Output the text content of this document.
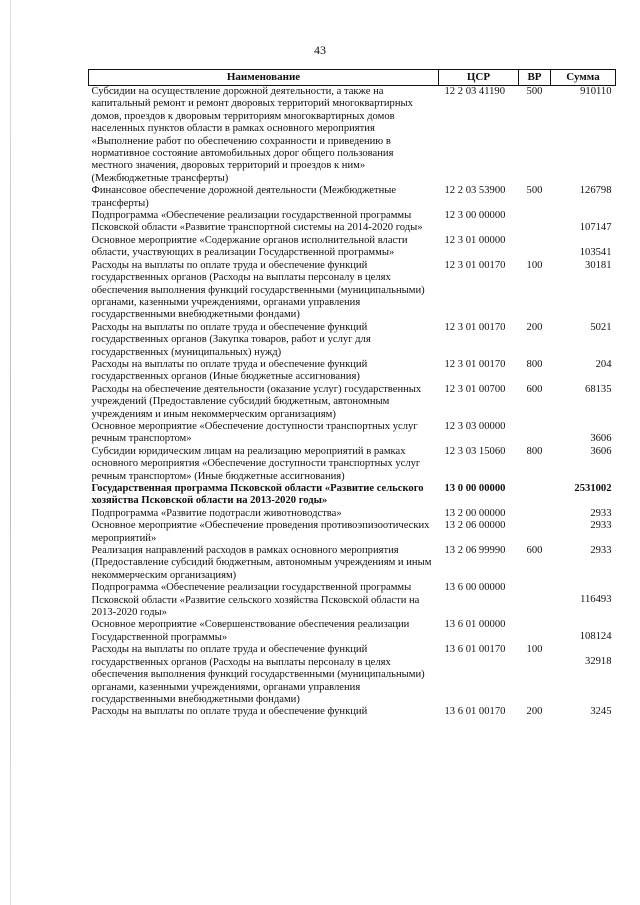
43
Наименование	ЦСР	ВР	Сумма
Субсидии на осуществление дорожной деятельности, а также на капитальный ремонт и ремонт дворовых территорий многоквартирных домов, проездов к дворовым территориям многоквартирных домов населенных пунктов области в рамках основного мероприятия «Выполнение работ по обеспечению сохранности и приведению в нормативное состояние автомобильных дорог общего пользования местного значения, дворовых территорий и проездов к ним» (Межбюджетные трансферты)	12 2 03 41190	500	910110
Финансовое обеспечение дорожной деятельности (Межбюджетные трансферты)	12 2 03 53900	500	126798
Подпрограмма «Обеспечение реализации государственной программы Псковской области «Развитие транспортной системы на 2014-2020 годы»	12 3 00 00000		107147
Основное мероприятие «Содержание органов исполнительной власти области, участвующих в реализации Государственной программы»	12 3 01 00000		103541
Расходы на выплаты по оплате труда и обеспечение функций государственных органов (Расходы на выплаты персоналу в целях обеспечения выполнения функций государственными (муниципальными) органами, казенными учреждениями, органами управления государственными внебюджетными фондами)	12 3 01 00170	100	30181
Расходы на выплаты по оплате труда и обеспечение функций государственных органов (Закупка товаров, работ и услуг для государственных (муниципальных) нужд)	12 3 01 00170	200	5021
Расходы на выплаты по оплате труда и обеспечение функций государственных органов (Иные бюджетные ассигнования)	12 3 01 00170	800	204
Расходы на обеспечение деятельности (оказание услуг) государственных учреждений (Предоставление субсидий бюджетным, автономным учреждениям и иным некоммерческим организациям)	12 3 01 00700	600	68135
Основное мероприятие «Обеспечение доступности транспортных услуг речным транспортом»	12 3 03 00000		3606
Субсидии юридическим лицам на реализацию мероприятий в рамках основного мероприятия «Обеспечение доступности транспортных услуг речным транспортом» (Иные бюджетные ассигнования)	12 3 03 15060	800	3606
Государственная программа Псковской области «Развитие сельского хозяйства Псковской области на 2013-2020 годы»	13 0 00 00000		2531002
Подпрограмма «Развитие подотрасли животноводства»	13 2 00 00000		2933
Основное мероприятие «Обеспечение проведения противоэпизоотических мероприятий»	13 2 06 00000		2933
Реализация направлений расходов в рамках основного мероприятия (Предоставление субсидий бюджетным, автономным учреждениям и иным некоммерческим организациям)	13 2 06 99990	600	2933
Подпрограмма «Обеспечение реализации государственной программы Псковской области «Развитие сельского хозяйства Псковской области на 2013-2020 годы»	13 6 00 00000		116493
Основное мероприятие «Совершенствование обеспечения реализации Государственной программы»	13 6 01 00000		108124
Расходы на выплаты по оплате труда и обеспечение функций государственных органов (Расходы на выплаты персоналу в целях обеспечения выполнения функций государственными (муниципальными) органами, казенными учреждениями, органами управления государственными внебюджетными фондами)	13 6 01 00170	100	32918
Расходы на выплаты по оплате труда и обеспечение функций	13 6 01 00170	200	3245
